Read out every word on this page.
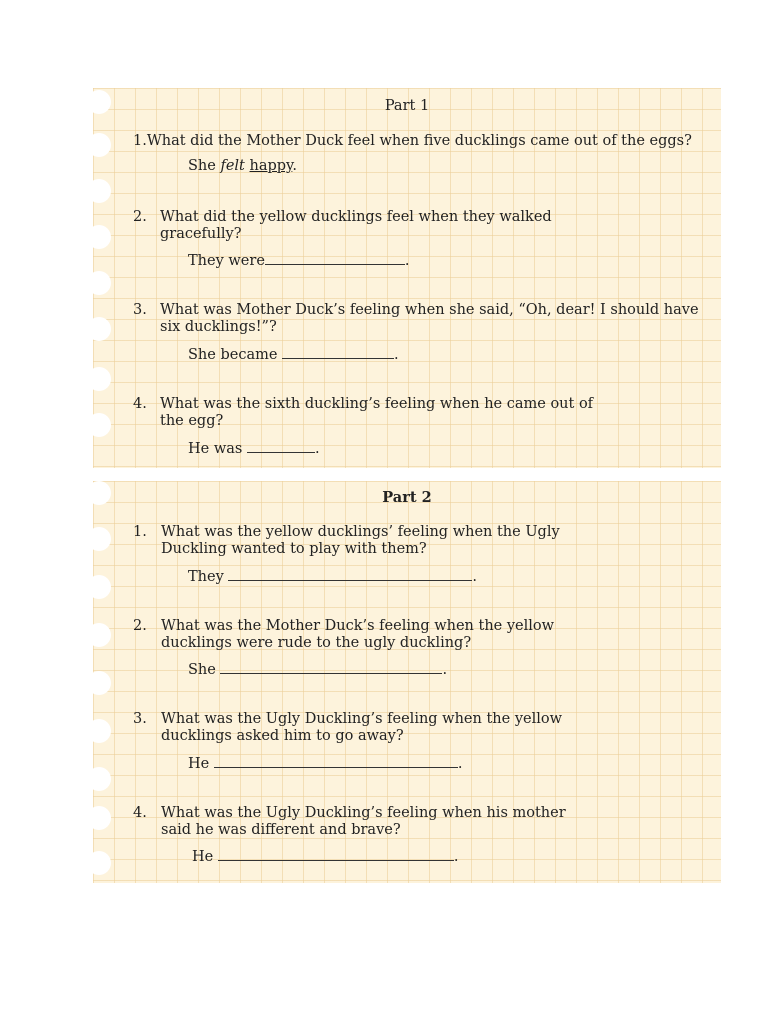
Part 1
1.What did the Mother Duck feel when five ducklings came out of the eggs?
She felt happy.
2. What did the yellow ducklings feel when they walked
gracefully?
They were	.
3. What was Mother Duck’s feeling when she said, “Oh, dear! I should have
six ducklings!”?
She became	.
4. What was the sixth duckling’s feeling when he came out of
the egg?
He was	.
Part 2
1. What was the yellow ducklings’ feeling when the Ugly
Duckling wanted to play with them?
They	.
2. What was the Mother Duck’s feeling when the yellow
ducklings were rude to the ugly duckling?
She	.
3. What was the Ugly Duckling’s feeling when the yellow
ducklings asked him to go away?
He	.
4. What was the Ugly Duckling’s feeling when his mother
said he was different and brave?
He	.
